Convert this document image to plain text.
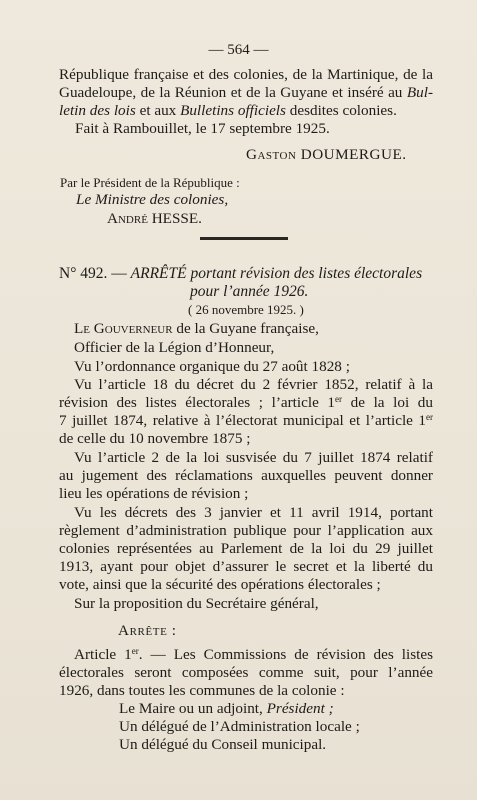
— 564 —
République française et des colonies, de la Martinique, de la
Guadeloupe, de la Réunion et de la Guyane et inséré au Bul-
letin des lois et aux Bulletins officiels desdites colonies.
Fait à Rambouillet, le 17 septembre 1925.
Gaston DOUMERGUE.
Par le Président de la République :
Le Ministre des colonies,
André HESSE.
N° 492. — ARRÊTÉ portant révision des listes électorales
pour l’année 1926.
( 26 novembre 1925. )
Le Gouverneur de la Guyane française,
Officier de la Légion d’Honneur,
Vu l’ordonnance organique du 27 août 1828 ;
Vu l’article 18 du décret du 2 février 1852, relatif à la
révision des listes électorales ; l’article 1er de la loi du
7 juillet 1874, relative à l’électorat municipal et l’article 1er
de celle du 10 novembre 1875 ;
Vu l’article 2 de la loi susvisée du 7 juillet 1874 relatif
au jugement des réclamations auxquelles peuvent donner
lieu les opérations de révision ;
Vu les décrets des 3 janvier et 11 avril 1914, portant
règlement d’administration publique pour l’application aux
colonies représentées au Parlement de la loi du 29 juillet
1913, ayant pour objet d’assurer le secret et la liberté du
vote, ainsi que la sécurité des opérations électorales ;
Sur la proposition du Secrétaire général,
Arrête :
Article 1er. — Les Commissions de révision des listes
électorales seront composées comme suit, pour l’année
1926, dans toutes les communes de la colonie :
Le Maire ou un adjoint, Président ;
Un délégué de l’Administration locale ;
Un délégué du Conseil municipal.
